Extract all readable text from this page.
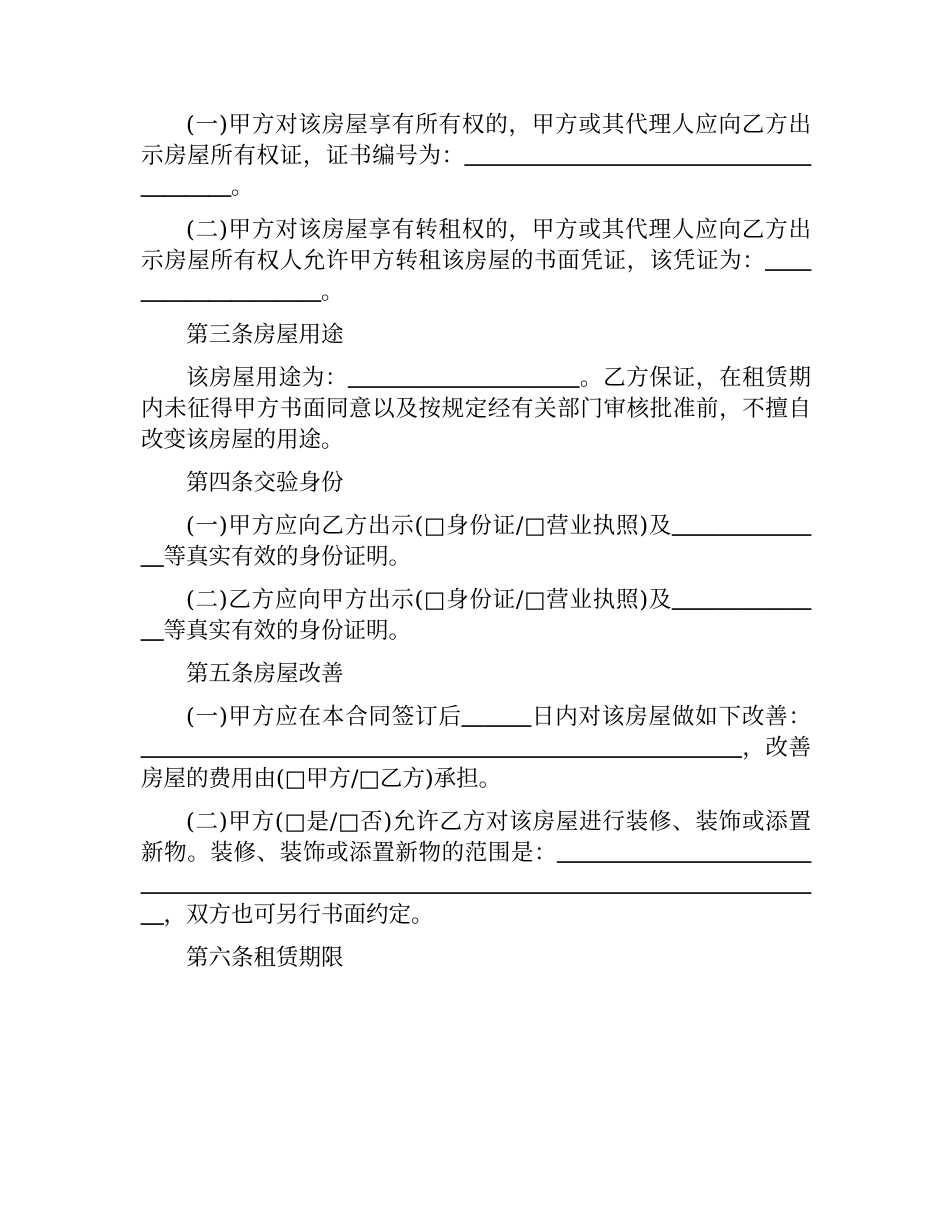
(一)甲方对该房屋享有所有权的，甲方或其代理人应向乙方出示房屋所有权证，证书编号为：＿＿＿＿＿＿＿＿＿＿＿＿＿＿＿＿＿＿＿。

(二)甲方对该房屋享有转租权的，甲方或其代理人应向乙方出示房屋所有权人允许甲方转租该房屋的书面凭证，该凭证为：＿＿＿＿＿＿＿＿＿＿。

第三条房屋用途

该房屋用途为：＿＿＿＿＿＿＿＿＿＿。乙方保证，在租赁期内未征得甲方书面同意以及按规定经有关部门审核批准前，不擅自改变该房屋的用途。

第四条交验身份

(一)甲方应向乙方出示(□身份证/□营业执照)及＿＿＿＿＿＿＿等真实有效的身份证明。

(二)乙方应向甲方出示(□身份证/□营业执照)及＿＿＿＿＿＿＿等真实有效的身份证明。

第五条房屋改善

(一)甲方应在本合同签订后＿＿＿日内对该房屋做如下改善：＿＿＿＿＿＿＿＿＿＿＿＿＿＿＿＿＿＿＿＿＿＿＿＿＿＿，改善房屋的费用由(□甲方/□乙方)承担。

(二)甲方(□是/□否)允许乙方对该房屋进行装修、装饰或添置新物。装修、装饰或添置新物的范围是：＿＿＿＿＿＿＿＿＿＿＿＿＿＿＿＿＿＿＿＿＿＿＿＿＿＿＿＿＿＿＿＿＿＿＿＿＿＿＿＿＿，双方也可另行书面约定。

第六条租赁期限
